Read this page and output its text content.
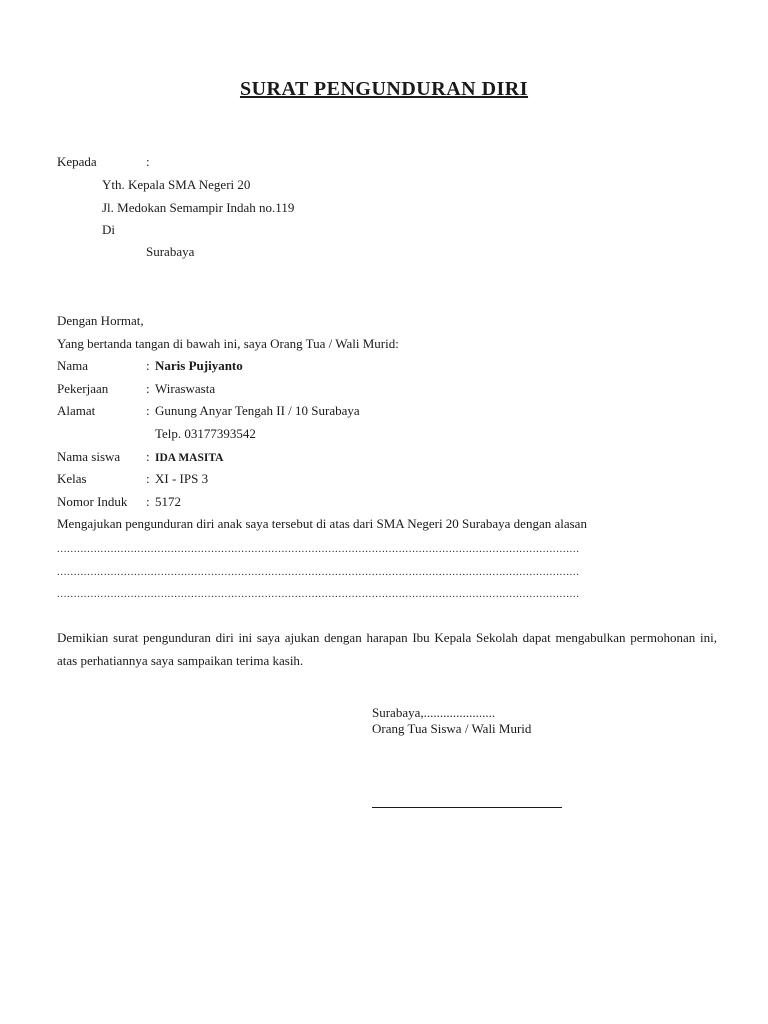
SURAT PENGUNDURAN DIRI
Kepada	:
Yth. Kepala SMA Negeri 20
Jl. Medokan Semampir Indah no.119
Di
Surabaya
Dengan Hormat,
Yang bertanda tangan di bawah ini, saya Orang Tua / Wali Murid:
Nama	: Naris Pujiyanto
Pekerjaan	: Wiraswasta
Alamat	: Gunung Anyar Tengah II / 10 Surabaya
Telp. 03177393542
Nama siswa : IDA MASITA
Kelas	: XI - IPS 3
Nomor Induk : 5172
Mengajukan pengunduran diri anak saya tersebut di atas dari SMA Negeri 20 Surabaya dengan alasan
............................................................................................................................................................
............................................................................................................................................................
............................................................................................................................................................
Demikian surat pengunduran diri ini saya ajukan dengan harapan Ibu Kepala Sekolah dapat mengabulkan permohonan ini, atas perhatiannya saya sampaikan terima kasih.
Surabaya,......................
Orang Tua Siswa / Wali Murid
